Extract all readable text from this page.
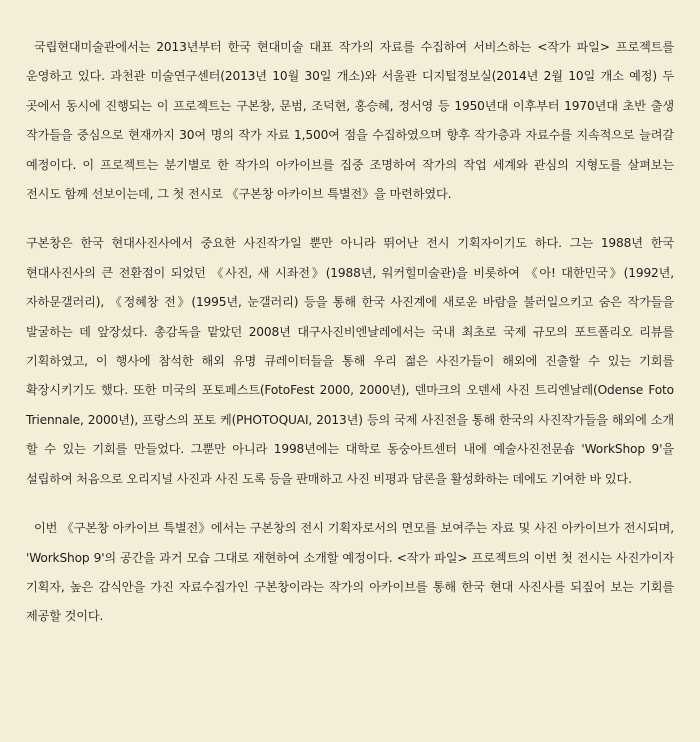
국립현대미술관에서는 2013년부터 한국 현대미술 대표 작가의 자료를 수집하여 서비스하는 <작가 파일> 프로젝트를 운영하고 있다. 과천관 미술연구센터(2013년 10월 30일 개소)와 서울관 디지털정보실(2014년 2월 10일 개소 예정) 두 곳에서 동시에 진행되는 이 프로젝트는 구본창, 문범, 조덕현, 홍승혜, 정서영 등 1950년대 이후부터 1970년대 초반 출생 작가들을 중심으로 현재까지 30여 명의 작가 자료 1,500여 점을 수집하였으며 향후 작가층과 자료수를 지속적으로 늘려갈 예정이다. 이 프로젝트는 분기별로 한 작가의 아카이브를 집중 조명하여 작가의 작업 세계와 관심의 지형도를 살펴보는 전시도 함께 선보이는데, 그 첫 전시로 《구본창 아카이브 특별전》을 마련하였다.

구본창은 한국 현대사진사에서 중요한 사진작가일 뿐만 아니라 뛰어난 전시 기획자이기도 하다. 그는 1988년 한국 현대사진사의 큰 전환점이 되었던 《사진, 새 시좌전》(1988년, 워커힐미술관)을 비롯하여 《아! 대한민국》(1992년, 자하문갤러리), 《정혜창 전》(1995년, 눈갤러리) 등을 통해 한국 사진계에 새로운 바람을 불러일으키고 숨은 작가들을 발굴하는 데 앞장섰다. 총감독을 맡았던 2008년 대구사진비엔날레에서는 국내 최초로 국제 규모의 포트폴리오 리뷰를 기획하였고, 이 행사에 참석한 해외 유명 큐레이터들을 통해 우리 젊은 사진가들이 해외에 진출할 수 있는 기회를 확장시키기도 했다. 또한 미국의 포토페스트(FotoFest 2000, 2000년), 덴마크의 오덴세 사진 트리엔날레(Odense Foto Triennale, 2000년), 프랑스의 포토 케(PHOTOQUAI, 2013년) 등의 국제 사진전을 통해 한국의 사진작가들을 해외에 소개 할 수 있는 기회를 만들었다. 그뿐만 아니라 1998년에는 대학로 동숭아트센터 내에 예술사진전문숍 'WorkShop 9'을 설립하여 처음으로 오리지널 사진과 사진 도록 등을 판매하고 사진 비평과 담론을 활성화하는 데에도 기여한 바 있다.

이번 《구본창 아카이브 특별전》에서는 구본창의 전시 기획자로서의 면모를 보여주는 자료 및 사진 아카이브가 전시되며, 'WorkShop 9'의 공간을 과거 모습 그대로 재현하여 소개할 예정이다. <작가 파일> 프로젝트의 이번 첫 전시는 사진가이자 기획자, 높은 감식안을 가진 자료수집가인 구본창이라는 작가의 아카이브를 통해 한국 현대 사진사를 되짚어 보는 기회를 제공할 것이다.
